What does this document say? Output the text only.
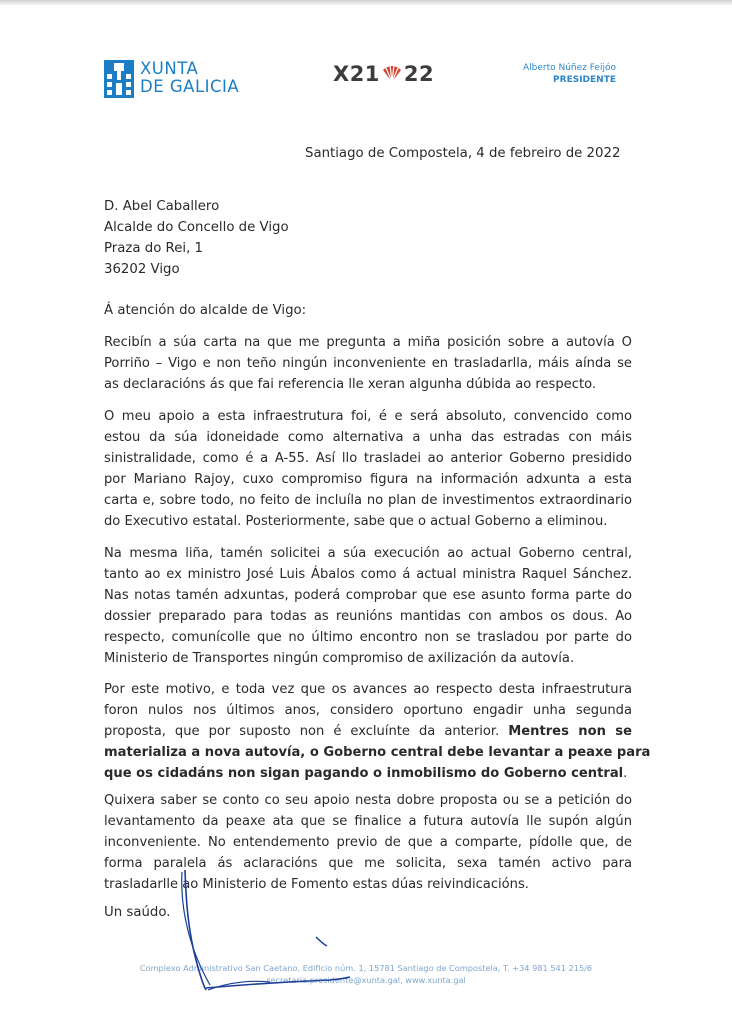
XUNTA
DE GALICIA
X21 22	Alberto Núñez Feijóo
PRESIDENTE
Santiago de Compostela, 4 de febreiro de 2022
D. Abel Caballero
Alcalde do Concello de Vigo
Praza do Rei, 1
36202 Vigo
Á atención do alcalde de Vigo:
Recibín a súa carta na que me pregunta a miña posición sobre a autovía O
Porriño – Vigo e non teño ningún inconveniente en trasladarlla, máis aínda se
as declaracións ás que fai referencia lle xeran algunha dúbida ao respecto.
O meu apoio a esta infraestrutura foi, é e será absoluto, convencido como
estou da súa idoneidade como alternativa a unha das estradas con máis
sinistralidade, como é a A-55. Así llo trasladei ao anterior Goberno presidido
por Mariano Rajoy, cuxo compromiso figura na información adxunta a esta
carta e, sobre todo, no feito de incluíla no plan de investimentos extraordinario
do Executivo estatal. Posteriormente, sabe que o actual Goberno a eliminou.
Na mesma liña, tamén solicitei a súa execución ao actual Goberno central,
tanto ao ex ministro José Luis Ábalos como á actual ministra Raquel Sánchez.
Nas notas tamén adxuntas, poderá comprobar que ese asunto forma parte do
dossier preparado para todas as reunións mantidas con ambos os dous. Ao
respecto, comunícolle que no último encontro non se trasladou por parte do
Ministerio de Transportes ningún compromiso de axilización da autovía.
Por este motivo, e toda vez que os avances ao respecto desta infraestrutura
foron nulos nos últimos anos, considero oportuno engadir unha segunda
proposta, que por suposto non é excluínte da anterior. Mentres non se
materializa a nova autovía, o Goberno central debe levantar a peaxe para
que os cidadáns non sigan pagando o inmobilismo do Goberno central.
Quixera saber se conto co seu apoio nesta dobre proposta ou se a petición do
levantamento da peaxe ata que se finalice a futura autovía lle supón algún
inconveniente. No entendemento previo de que a comparte, pídolle que, de
forma paralela ás aclaracións que me solicita, sexa tamén activo para
trasladarlle ao Ministerio de Fomento estas dúas reivindicacións.
Un saúdo.
Complexo Administrativo San Caetano, Edificio núm. 1, 15781 Santiago de Compostela, T. +34 981 541 215/6
secretaria.presidente@xunta.gal, www.xunta.gal
